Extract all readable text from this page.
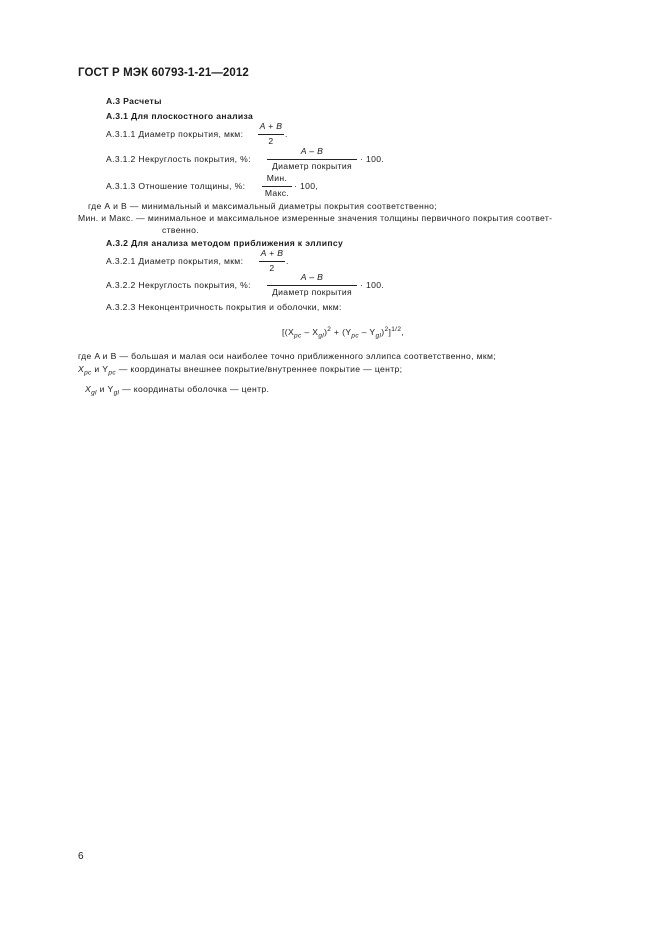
ГОСТ Р МЭК 60793-1-21—2012
А.3 Расчеты
А.3.1 Для плоскостного анализа
А.3.1.1 Диаметр покрытия, мкм:
A + B
2
.
А.3.1.2 Некруглость покрытия, %:
A – B
Диаметр покрытия
· 100.
А.3.1.3 Отношение толщины, %:
Мин.
Макс.
· 100,
где А и В — минимальный и максимальный диаметры покрытия соответственно;
Мин. и Макс. — минимальное и максимальное измеренные значения толщины первичного покрытия соответ-
ственно.
А.3.2 Для анализа методом приближения к эллипсу
А.3.2.1 Диаметр покрытия, мкм:
A + B
2
.
А.3.2.2 Некруглость покрытия, %:
A – B
Диаметр покрытия
· 100.
А.3.2.3 Неконцентричность покрытия и оболочки, мкм:
$[(X_{pc} - X_{gl})^2 + (Y_{pc} - Y_{gl})^2]^{1/2}$,
где A и B — большая и малая оси наиболее точно приближенного эллипса соответственно, мкм;
$X_{pc}$ и $Y_{pc}$ — координаты внешнее покрытие/внутреннее покрытие — центр;
$X_{gl}$ и $Y_{gl}$ — координаты оболочка — центр.
6
